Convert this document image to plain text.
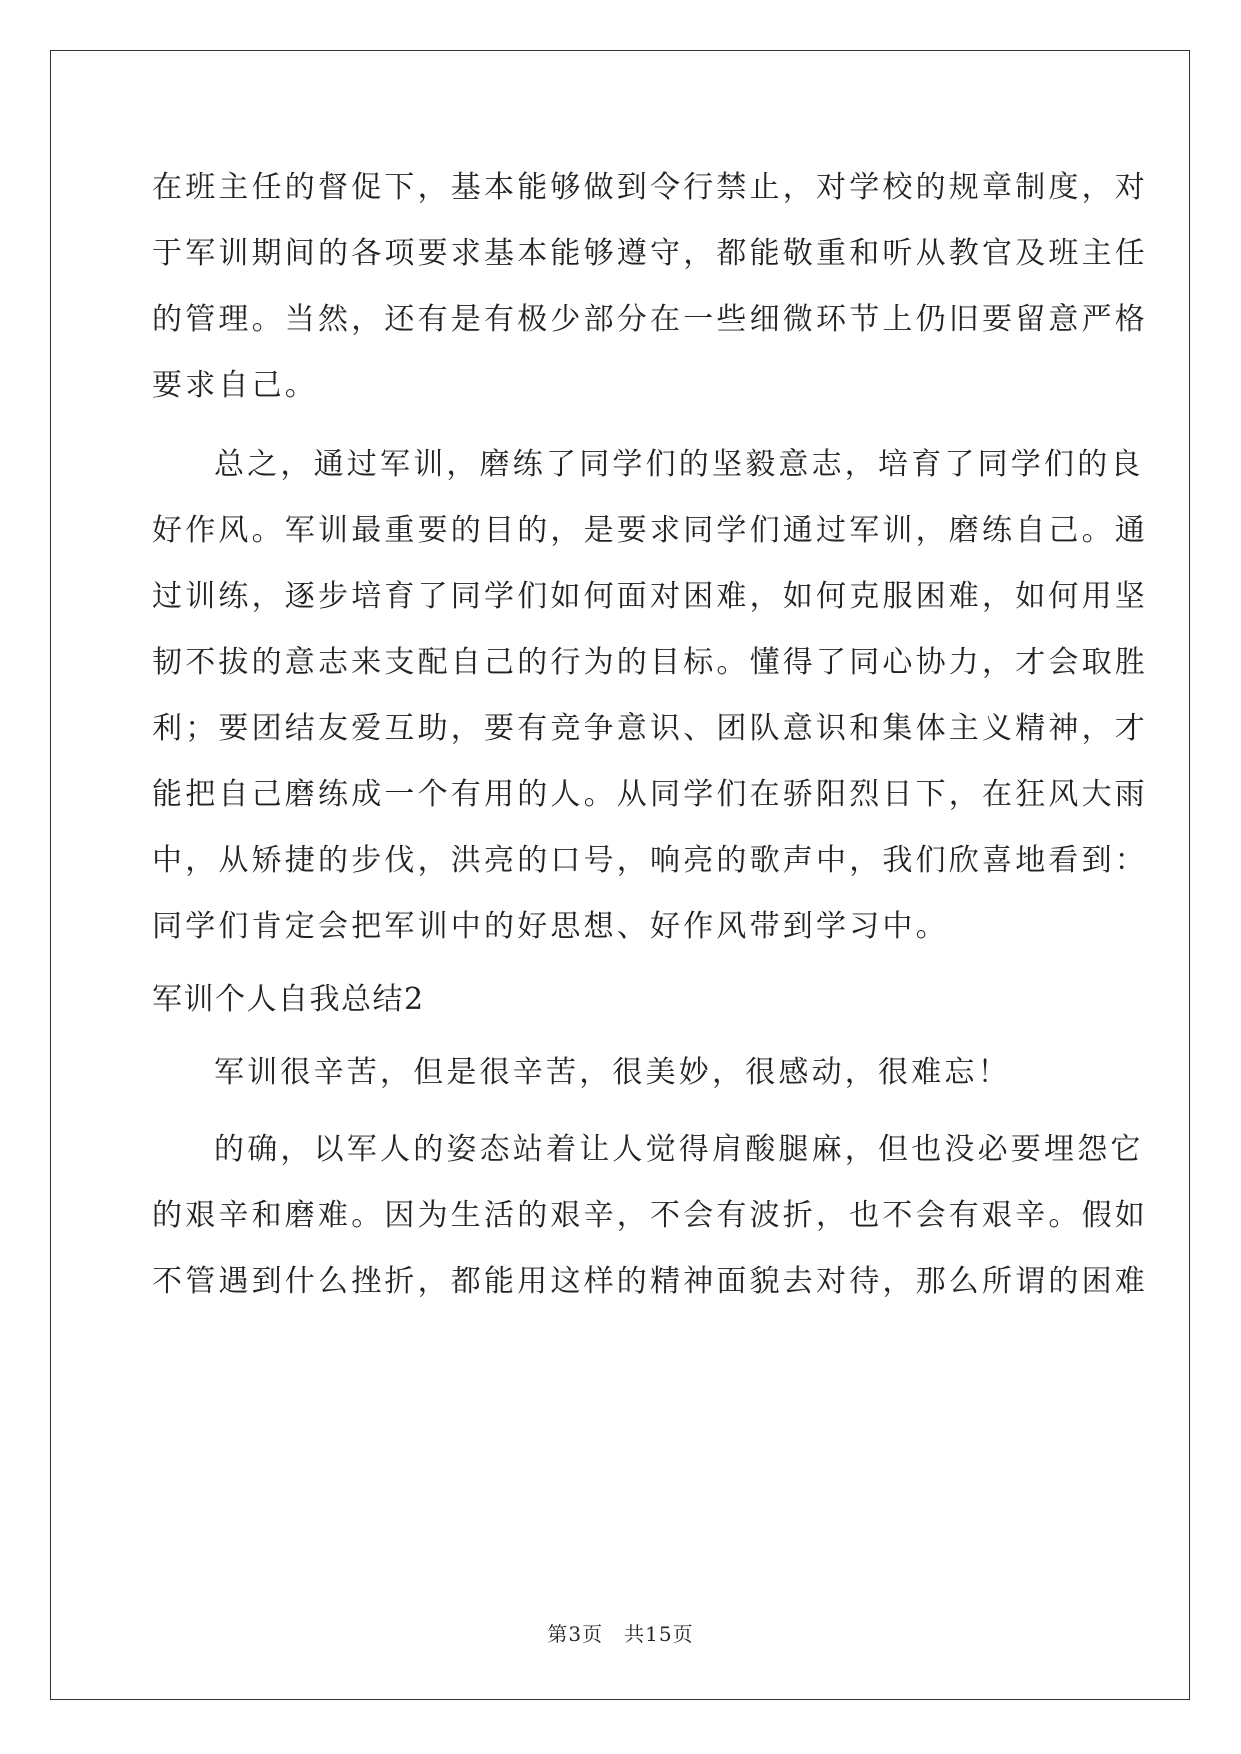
在班主任的督促下，基本能够做到令行禁止，对学校的规章制度，对
于军训期间的各项要求基本能够遵守，都能敬重和听从教官及班主任
的管理。当然，还有是有极少部分在一些细微环节上仍旧要留意严格
要求自己。
总之，通过军训，磨练了同学们的坚毅意志，培育了同学们的良
好作风。军训最重要的目的，是要求同学们通过军训，磨练自己。通
过训练，逐步培育了同学们如何面对困难，如何克服困难，如何用坚
韧不拔的意志来支配自己的行为的目标。懂得了同心协力，才会取胜
利；要团结友爱互助，要有竞争意识、团队意识和集体主义精神，才
能把自己磨练成一个有用的人。从同学们在骄阳烈日下，在狂风大雨
中，从矫捷的步伐，洪亮的口号，响亮的歌声中，我们欣喜地看到：
同学们肯定会把军训中的好思想、好作风带到学习中。
军训个人自我总结2
军训很辛苦，但是很辛苦，很美妙，很感动，很难忘！
的确，以军人的姿态站着让人觉得肩酸腿麻，但也没必要埋怨它
的艰辛和磨难。因为生活的艰辛，不会有波折，也不会有艰辛。假如
不管遇到什么挫折，都能用这样的精神面貌去对待，那么所谓的困难
第3页　共15页
